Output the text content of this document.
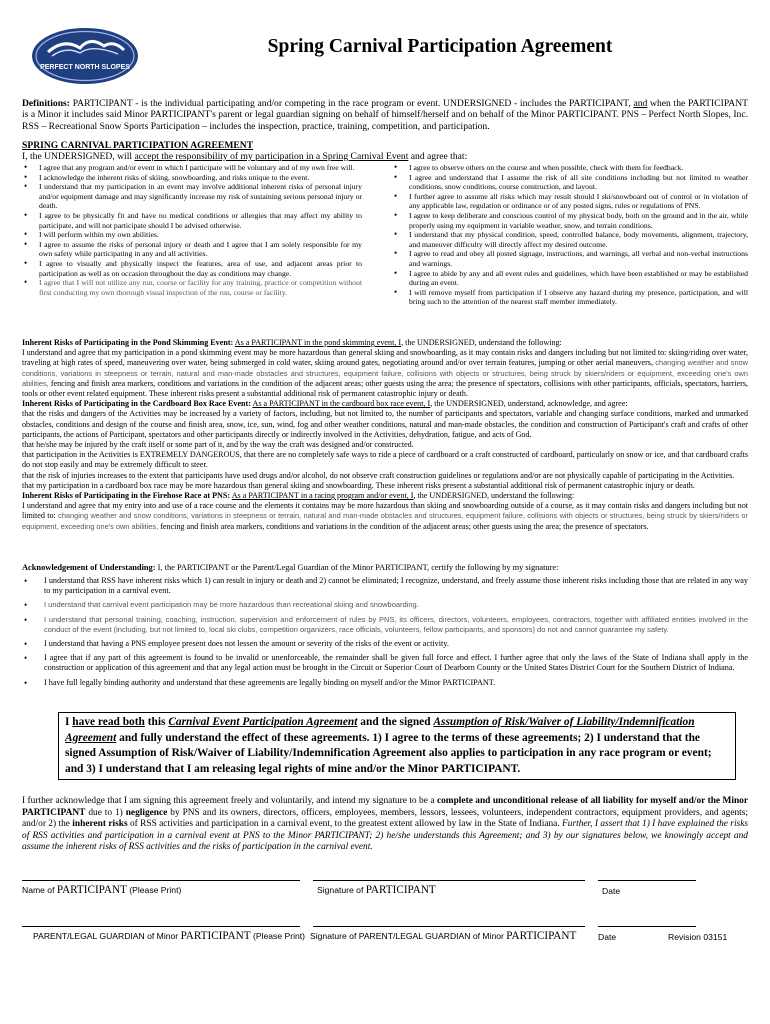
PERFECT NORTH SLOPES
Spring Carnival Participation Agreement
Definitions: PARTICIPANT - is the individual participating and/or competing in the race program or event. UNDERSIGNED - includes the PARTICIPANT, and when the PARTICIPANT is a Minor it includes said Minor PARTICIPANT's parent or legal guardian signing on behalf of himself/herself and on behalf of the Minor PARTICIPANT. PNS – Perfect North Slopes, Inc. RSS – Recreational Snow Sports Participation – includes the inspection, practice, training, competition, and participation.
SPRING CARNIVAL PARTICIPATION AGREEMENT
I, the UNDERSIGNED, will accept the responsibility of my participation in a Spring Carnival Event and agree that:
• I agree that any program and/or event in which I participate will be voluntary and of my own free will.
• I acknowledge the inherent risks of skiing, snowboarding, and risks unique to the event.
• I understand that my participation in an event may involve additional inherent risks of personal injury and/or equipment damage and may significantly increase my risk of sustaining serious personal injury or death.
• I agree to be physically fit and have no medical conditions or allergies that may affect my ability to participate, and will not participate should I be advised otherwise.
• I will perform within my own abilities.
• I agree to assume the risks of personal injury or death and I agree that I am solely responsible for my own safety while participating in any and all activities.
• I agree to visually and physically inspect the features, area of use, and adjacent areas prior to participation as well as on occasion throughout the day as conditions may change.
• I agree that I will not utilize any run, course or facility for any training, practice or competition without first conducting my own thorough visual inspection of the run, course or facility.
• I agree to observe others on the course and when possible, check with them for feedback.
• I agree and understand that I assume the risk of all site conditions including but not limited to weather conditions, snow conditions, course construction, and layout.
• I further agree to assume all risks which may result should I ski/snowboard out of control or in violation of any applicable law, regulation or ordinance or of any posted signs, rules or regulations of PNS.
• I agree to keep deliberate and conscious control of my physical body, both on the ground and in the air, while properly using my equipment in variable weather, snow, and terrain conditions.
• I understand that my physical condition, speed, controlled balance, body movements, alignment, trajectory, and maneuver difficulty will directly affect my desired outcome.
• I agree to read and obey all posted signage, instructions, and warnings, all verbal and non-verbal instructions and warnings.
• I agree to abide by any and all event rules and guidelines, which have been established or may be established during an event.
• I will remove myself from participation if I observe any hazard during my presence, participation, and will bring such to the attention of the nearest staff member immediately.

Inherent Risks of Participating in the Pond Skimming Event: As a PARTICIPANT in the pond skimming event, I, the UNDERSIGNED, understand the following:

I understand and agree that my participation in a pond skimming event may be more hazardous than general skiing and snowboarding, as it may contain risks and dangers including but not limited to: skiing/riding over water, traveling at high rates of speed, maneuvering over water, being submerged in cold water, skiing around gates, negotiating around and/or over terrain features, jumping or other aerial maneuvers, changing weather and snow conditions, variations in steepness or terrain, natural and man-made obstacles and structures, equipment failure, collisions with objects or structures, being struck by skiers/riders or equipment, exceeding one's own abilities, fencing and finish area markers, conditions and variations in the condition of the adjacent areas; other guests using the area; the presence of spectators, collisions with other participants, officials, spectators, barriers, tools or other event related equipment. These inherent risks present a substantial additional risk of permanent catastrophic injury or death.

Inherent Risks of Participating in the Cardboard Box Race Event: As a PARTICIPANT in the cardboard box race event, I, the UNDERSIGNED, understand, acknowledge, and agree:

that the risks and dangers of the Activities may be increased by a variety of factors, including, but not limited to, the number of participants and spectators, variable and changing surface conditions, marked and unmarked obstacles, conditions and design of the course and finish area, snow, ice, sun, wind, fog and other weather conditions, natural and man-made obstacles, the condition and construction of Participant's craft and crafts of other participants, the actions of Participant, spectators and other participants directly or indirectly involved in the Activities, dehydration, fatigue, and acts of God.

that he/she may be injured by the craft itself or some part of it, and by the way the craft was designed and/or constructed.

that participation in the Activities is EXTREMELY DANGEROUS, that there are no completely safe ways to ride a piece of cardboard or a craft constructed of cardboard, particularly on snow or ice, and that cardboard crafts do not stop easily and may be extremely difficult to steer.

that the risk of injuries increases to the extent that participants have used drugs and/or alcohol, do not observe craft construction guidelines or regulations and/or are not physically capable of participating in the Activities.

that my participation in a cardboard box race may be more hazardous than general skiing and snowboarding. These inherent risks present a substantial additional risk of permanent catastrophic injury or death.

Inherent Risks of Participating in the Firehose Race at PNS: As a PARTICIPANT in a racing program and/or event, I, the UNDERSIGNED, understand the following:

I understand and agree that my entry into and use of a race course and the elements it contains may be more hazardous than skiing and snowboarding outside of a course, as it may contain risks and dangers including but not limited to: changing weather and snow conditions, variations in steepness or terrain, natural and man-made obstacles and structures, equipment failure, collisions with objects or structures, being struck by skiers/riders or equipment, exceeding one's own abilities, fencing and finish area markers, conditions and variations in the condition of the adjacent areas; other guests using the area; the presence of spectators.

Acknowledgement of Understanding: I, the PARTICIPANT or the Parent/Legal Guardian of the Minor PARTICIPANT, certify the following by my signature:
• I understand that RSS have inherent risks which 1) can result in injury or death and 2) cannot be eliminated; I recognize, understand, and freely assume those inherent risks including those that are related in any way to my participation in a carnival event.
• I understand that carnival event participation may be more hazardous than recreational skiing and snowboarding.
• I understand that personal training, coaching, instruction, supervision and enforcement of rules by PNS, its officers, directors, volunteers, employees, contractors, together with affiliated entities involved in the conduct of the event (including, but not limited to, local ski clubs, competition organizers, race officials, volunteers, fellow participants, and sponsors) do not and cannot guarantee my safety.
• I understand that having a PNS employee present does not lessen the amount or severity of the risks of the event or activity.
• I agree that if any part of this agreement is found to be invalid or unenforceable, the remainder shall be given full force and effect. I further agree that only the laws of the State of Indiana shall apply in the construction or application of this agreement and that any legal action must be brought in the Circuit or Superior Court of Dearborn County or the United States District Court for the Southern District of Indiana.
• I have full legally binding authority and understand that these agreements are legally binding on myself and/or the Minor PARTICIPANT.
I have read both this Carnival Event Participation Agreement and the signed Assumption of Risk/Waiver of Liability/Indemnification Agreement and fully understand the effect of these agreements. 1) I agree to the terms of these agreements; 2) I understand that the signed Assumption of Risk/Waiver of Liability/Indemnification Agreement also applies to participation in any race program or event; and 3) I understand that I am releasing legal rights of mine and/or the Minor PARTICIPANT.
I further acknowledge that I am signing this agreement freely and voluntarily, and intend my signature to be a complete and unconditional release of all liability for myself and/or the Minor PARTICIPANT due to 1) negligence by PNS and its owners, directors, officers, employees, members, lessors, lessees, volunteers, independent contractors, equipment providers, and agents; and/or 2) the inherent risks of RSS activities and participation in a carnival event, to the greatest extent allowed by law in the State of Indiana. Further, I assert that 1) I have explained the risks of RSS activities and participation in a carnival event at PNS to the Minor PARTICIPANT; 2) he/she understands this Agreement; and 3) by our signatures below, we knowingly accept and assume the inherent risks of RSS activities and the risks of participation in the carnival event.
Name of PARTICIPANT (Please Print)	Signature of PARTICIPANT	Date
PARENT/LEGAL GUARDIAN of Minor PARTICIPANT (Please Print) Signature of PARENT/LEGAL GUARDIAN of Minor PARTICIPANT	Date	Revision 03151
